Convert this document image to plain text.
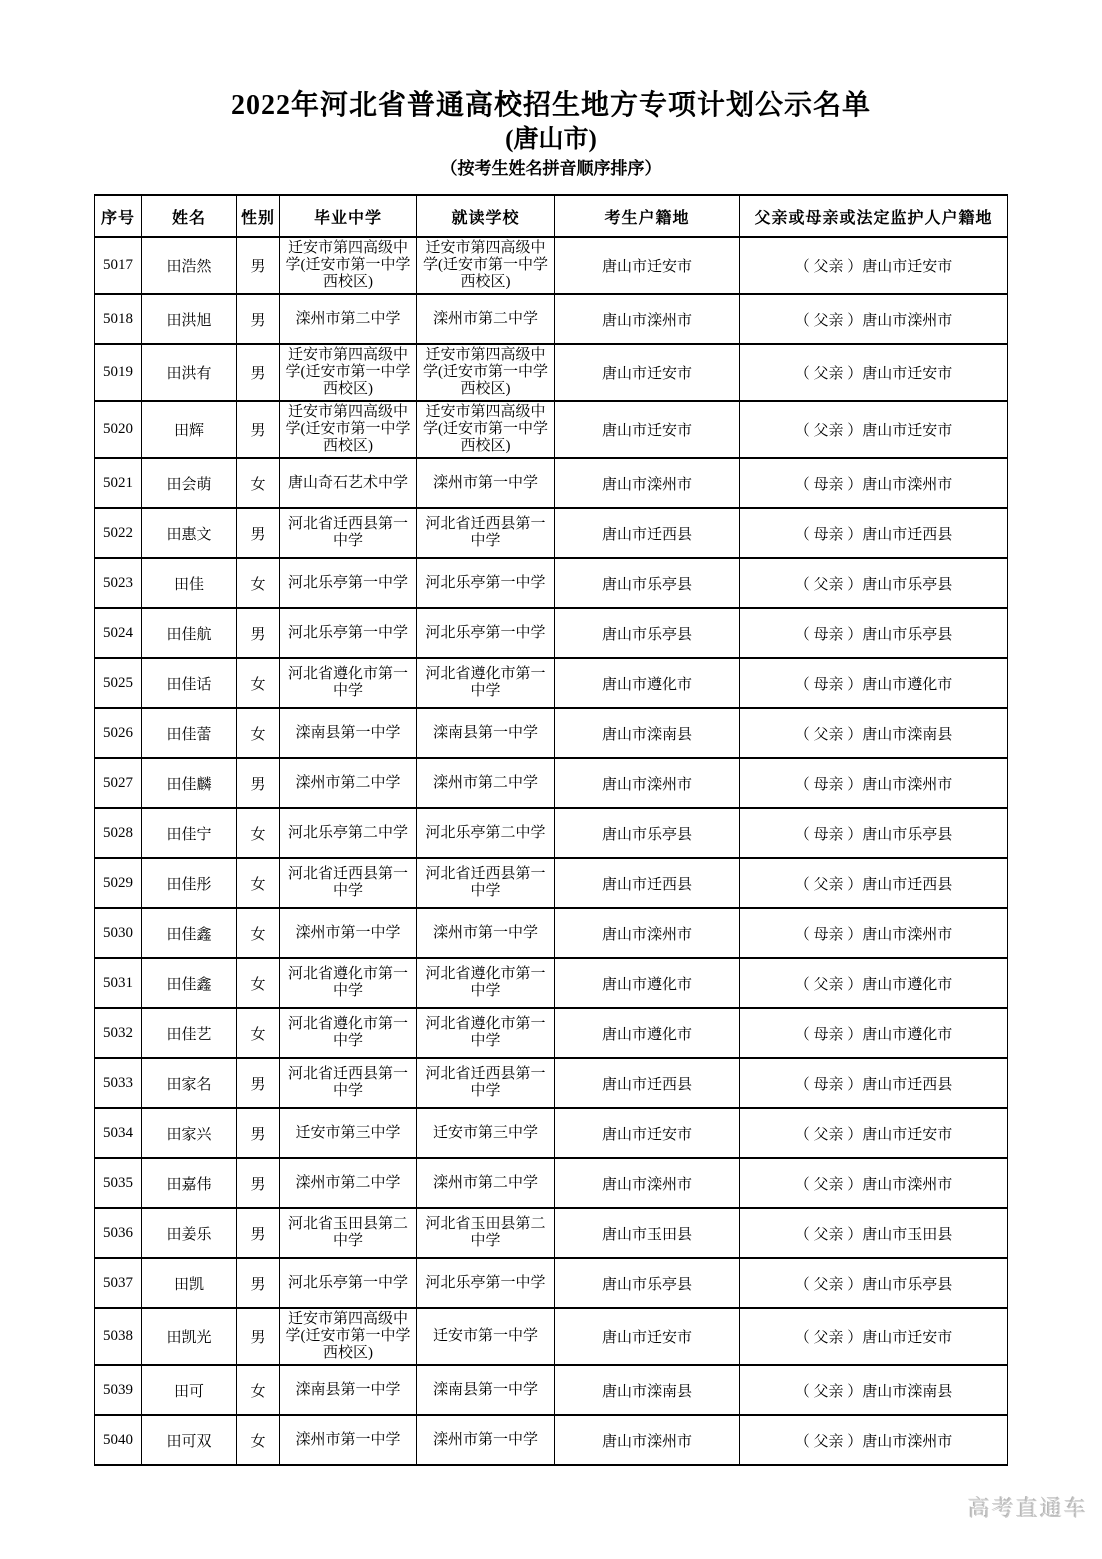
2022年河北省普通高校招生地方专项计划公示名单
(唐山市)
（按考生姓名拼音顺序排序）
序号	姓名	性别	毕业中学	就读学校	考生户籍地	父亲或母亲或法定监护人户籍地
5017	田浩然	男	迁安市第四高级中学(迁安市第一中学西校区)	迁安市第四高级中学(迁安市第一中学西校区)	唐山市迁安市	（ 父亲 ）唐山市迁安市
5018	田洪旭	男	滦州市第二中学	滦州市第二中学	唐山市滦州市	（ 父亲 ）唐山市滦州市
5019	田洪有	男	迁安市第四高级中学(迁安市第一中学西校区)	迁安市第四高级中学(迁安市第一中学西校区)	唐山市迁安市	（ 父亲 ）唐山市迁安市
5020	田辉	男	迁安市第四高级中学(迁安市第一中学西校区)	迁安市第四高级中学(迁安市第一中学西校区)	唐山市迁安市	（ 父亲 ）唐山市迁安市
5021	田会萌	女	唐山奇石艺术中学	滦州市第一中学	唐山市滦州市	（ 母亲 ）唐山市滦州市
5022	田惠文	男	河北省迁西县第一中学	河北省迁西县第一中学	唐山市迁西县	（ 母亲 ）唐山市迁西县
5023	田佳	女	河北乐亭第一中学	河北乐亭第一中学	唐山市乐亭县	（ 父亲 ）唐山市乐亭县
5024	田佳航	男	河北乐亭第一中学	河北乐亭第一中学	唐山市乐亭县	（ 母亲 ）唐山市乐亭县
5025	田佳话	女	河北省遵化市第一中学	河北省遵化市第一中学	唐山市遵化市	（ 母亲 ）唐山市遵化市
5026	田佳蕾	女	滦南县第一中学	滦南县第一中学	唐山市滦南县	（ 父亲 ）唐山市滦南县
5027	田佳麟	男	滦州市第二中学	滦州市第二中学	唐山市滦州市	（ 母亲 ）唐山市滦州市
5028	田佳宁	女	河北乐亭第二中学	河北乐亭第二中学	唐山市乐亭县	（ 母亲 ）唐山市乐亭县
5029	田佳彤	女	河北省迁西县第一中学	河北省迁西县第一中学	唐山市迁西县	（ 父亲 ）唐山市迁西县
5030	田佳鑫	女	滦州市第一中学	滦州市第一中学	唐山市滦州市	（ 母亲 ）唐山市滦州市
5031	田佳鑫	女	河北省遵化市第一中学	河北省遵化市第一中学	唐山市遵化市	（ 父亲 ）唐山市遵化市
5032	田佳艺	女	河北省遵化市第一中学	河北省遵化市第一中学	唐山市遵化市	（ 母亲 ）唐山市遵化市
5033	田家名	男	河北省迁西县第一中学	河北省迁西县第一中学	唐山市迁西县	（ 母亲 ）唐山市迁西县
5034	田家兴	男	迁安市第三中学	迁安市第三中学	唐山市迁安市	（ 父亲 ）唐山市迁安市
5035	田嘉伟	男	滦州市第二中学	滦州市第二中学	唐山市滦州市	（ 父亲 ）唐山市滦州市
5036	田姜乐	男	河北省玉田县第二中学	河北省玉田县第二中学	唐山市玉田县	（ 父亲 ）唐山市玉田县
5037	田凯	男	河北乐亭第一中学	河北乐亭第一中学	唐山市乐亭县	（ 父亲 ）唐山市乐亭县
5038	田凯光	男	迁安市第四高级中学(迁安市第一中学西校区)	迁安市第一中学	唐山市迁安市	（ 父亲 ）唐山市迁安市
5039	田可	女	滦南县第一中学	滦南县第一中学	唐山市滦南县	（ 父亲 ）唐山市滦南县
5040	田可双	女	滦州市第一中学	滦州市第一中学	唐山市滦州市	（ 父亲 ）唐山市滦州市
高考直通车
